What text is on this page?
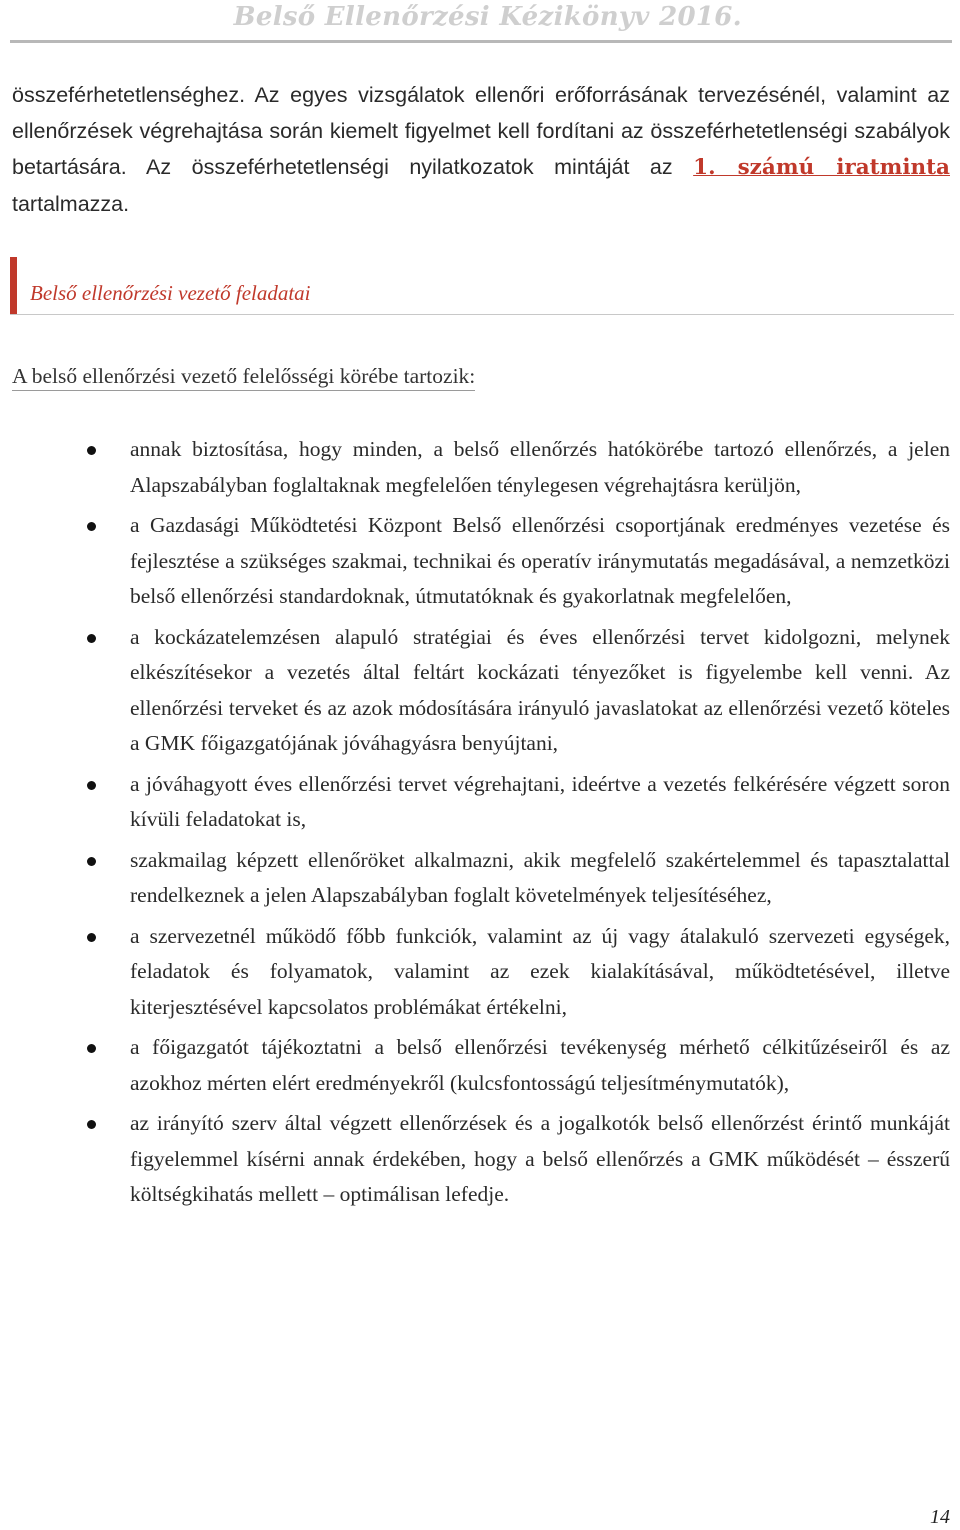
Belső Ellenőrzési Kézikönyv 2016.

összeférhetetlenséghez. Az egyes vizsgálatok ellenőri erőforrásának tervezésénél, valamint az ellenőrzések végrehajtása során kiemelt figyelmet kell fordítani az összeférhetetlenségi szabályok betartására. Az összeférhetetlenségi nyilatkozatok mintáját az 1. számú iratminta tartalmazza.

Belső ellenőrzési vezető feladatai
A belső ellenőrzési vezető felelősségi körébe tartozik:
annak biztosítása, hogy minden, a belső ellenőrzés hatókörébe tartozó ellenőrzés, a jelen Alapszabályban foglaltaknak megfelelően ténylegesen végrehajtásra kerüljön,
a Gazdasági Működtetési Központ Belső ellenőrzési csoportjának eredményes vezetése és fejlesztése a szükséges szakmai, technikai és operatív iránymutatás megadásával, a nemzetközi belső ellenőrzési standardoknak, útmutatóknak és gyakorlatnak megfelelően,
a kockázatelemzésen alapuló stratégiai és éves ellenőrzési tervet kidolgozni, melynek elkészítésekor a vezetés által feltárt kockázati tényezőket is figyelembe kell venni. Az ellenőrzési terveket és az azok módosítására irányuló javaslatokat az ellenőrzési vezető köteles a GMK főigazgatójának jóváhagyásra benyújtani,
a jóváhagyott éves ellenőrzési tervet végrehajtani, ideértve a vezetés felkérésére végzett soron kívüli feladatokat is,
szakmailag képzett ellenőröket alkalmazni, akik megfelelő szakértelemmel és tapasztalattal rendelkeznek a jelen Alapszabályban foglalt követelmények teljesítéséhez,
a szervezetnél működő főbb funkciók, valamint az új vagy átalakuló szervezeti egységek, feladatok és folyamatok, valamint az ezek kialakításával, működtetésével, illetve kiterjesztésével kapcsolatos problémákat értékelni,
a főigazgatót tájékoztatni a belső ellenőrzési tevékenység mérhető célkitűzéseiről és az azokhoz mérten elért eredményekről (kulcsfontosságú teljesítménymutatók),
az irányító szerv által végzett ellenőrzések és a jogalkotók belső ellenőrzést érintő munkáját figyelemmel kísérni annak érdekében, hogy a belső ellenőrzés a GMK működését – ésszerű költségkihatás mellett – optimálisan lefedje.
14
